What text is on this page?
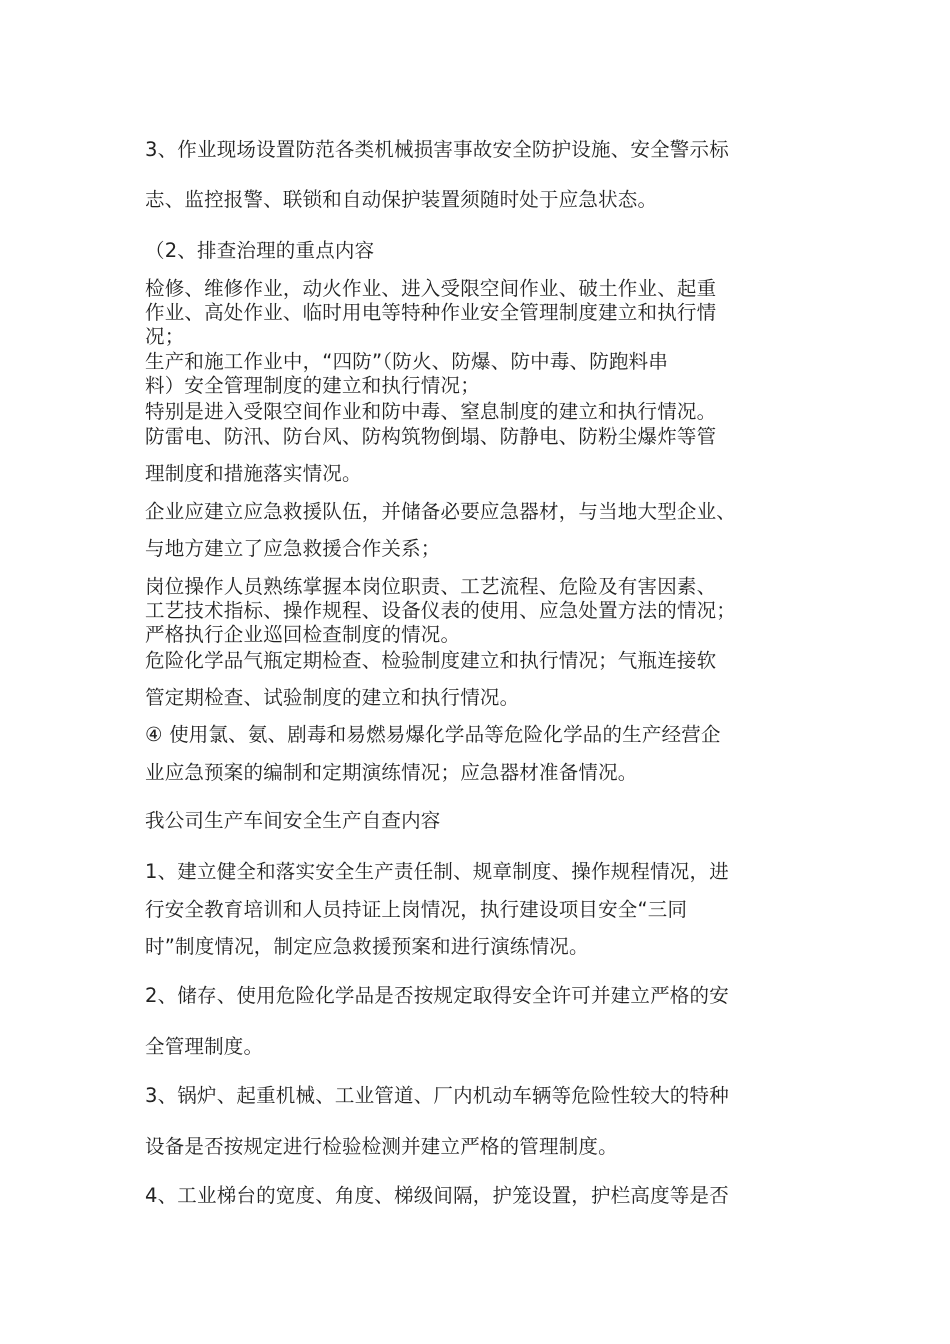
3、作业现场设置防范各类机械损害事故安全防护设施、安全警示标
志、监控报警、联锁和自动保护装置须随时处于应急状态。
（2、排查治理的重点内容
检修、维修作业，动火作业、进入受限空间作业、破土作业、起重
作业、高处作业、临时用电等特种作业安全管理制度建立和执行情
况；
生产和施工作业中，“四防”（防火、防爆、防中毒、防跑料串
料）安全管理制度的建立和执行情况；
特别是进入受限空间作业和防中毒、窒息制度的建立和执行情况。
防雷电、防汛、防台风、防构筑物倒塌、防静电、防粉尘爆炸等管
理制度和措施落实情况。
企业应建立应急救援队伍，并储备必要应急器材，与当地大型企业、
与地方建立了应急救援合作关系；
岗位操作人员熟练掌握本岗位职责、工艺流程、危险及有害因素、
工艺技术指标、操作规程、设备仪表的使用、应急处置方法的情况；
严格执行企业巡回检查制度的情况。
危险化学品气瓶定期检查、检验制度建立和执行情况；气瓶连接软
管定期检查、试验制度的建立和执行情况。
④ 使用氯、氨、剧毒和易燃易爆化学品等危险化学品的生产经营企
业应急预案的编制和定期演练情况；应急器材准备情况。
我公司生产车间安全生产自查内容
1、建立健全和落实安全生产责任制、规章制度、操作规程情况，进
行安全教育培训和人员持证上岗情况，执行建设项目安全“三同
时”制度情况，制定应急救援预案和进行演练情况。
2、储存、使用危险化学品是否按规定取得安全许可并建立严格的安
全管理制度。
3、锅炉、起重机械、工业管道、厂内机动车辆等危险性较大的特种
设备是否按规定进行检验检测并建立严格的管理制度。
4、工业梯台的宽度、角度、梯级间隔，护笼设置，护栏高度等是否
